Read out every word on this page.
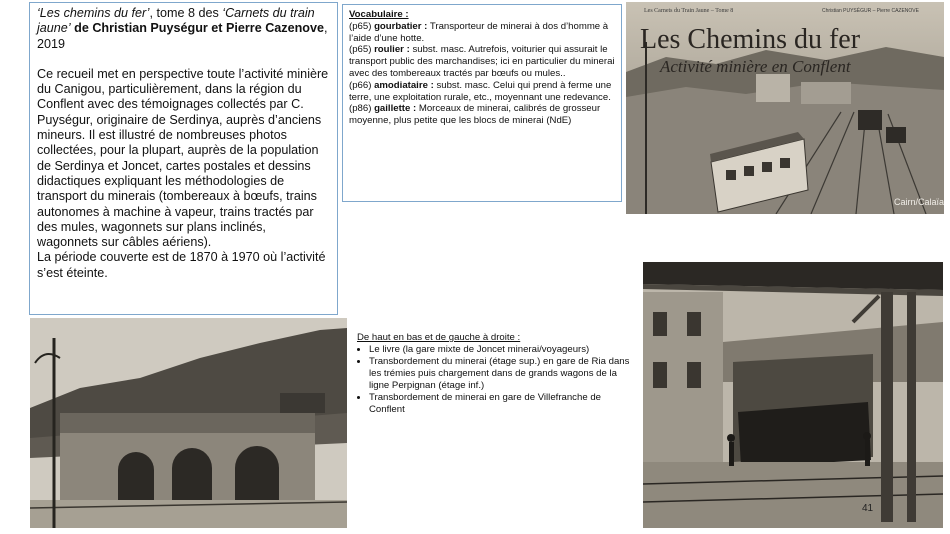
‘Les chemins du fer’, tome 8 des ‘Carnets du train jaune’ de Christian Puységur et Pierre Cazenove, 2019

Ce recueil met en perspective toute l’activité minière du Canigou, particulièrement, dans la région du Conflent avec des témoignages collectés par C. Puységur, originaire de Serdinya, auprès d’anciens mineurs. Il est illustré de nombreuses photos collectées, pour la plupart, auprès de la population de Serdinya et Joncet, cartes postales et dessins didactiques expliquant les méthodologies de transport du minerais (tombereaux à bœufs, trains autonomes à machine à vapeur, trains tractés par des mules, wagonnets sur plans inclinés, wagonnets sur câbles aériens).

La période couverte est de 1870 à 1970 où l’activité s’est éteinte.

Vocabulaire :

(p65) gourbatier : Transporteur de minerai à dos d’homme à l’aide d’une hotte.

(p65) roulier : subst. masc. Autrefois, voiturier qui assurait le transport public des marchandises; ici en particulier du minerai avec des tombereaux tractés par bœufs ou mules..

(p66) amodiataire : subst. masc. Celui qui prend à ferme une terre, une exploitation rurale, etc., moyennant une redevance.

(p86) gaillette : Morceaux de minerai, calibrés de grosseur moyenne, plus petite que les blocs de minerai (NdE)

Les Carnets du Train Jaune – Tome 8	Christian PUYSÉGUR – Pierre CAZENOVE
Les Chemins du fer
Activité minière en Conflent
Cairn/Calaïa
De haut en bas et de gauche à droite :
• Le livre (la gare mixte de Joncet minerai/voyageurs)
• Transbordement du minerai (étage sup.) en gare de Ria dans les trémies puis chargement dans de grands wagons de la ligne Perpignan (étage inf.)
• Transbordement de minerai en gare de Villefranche de Conflent
41
